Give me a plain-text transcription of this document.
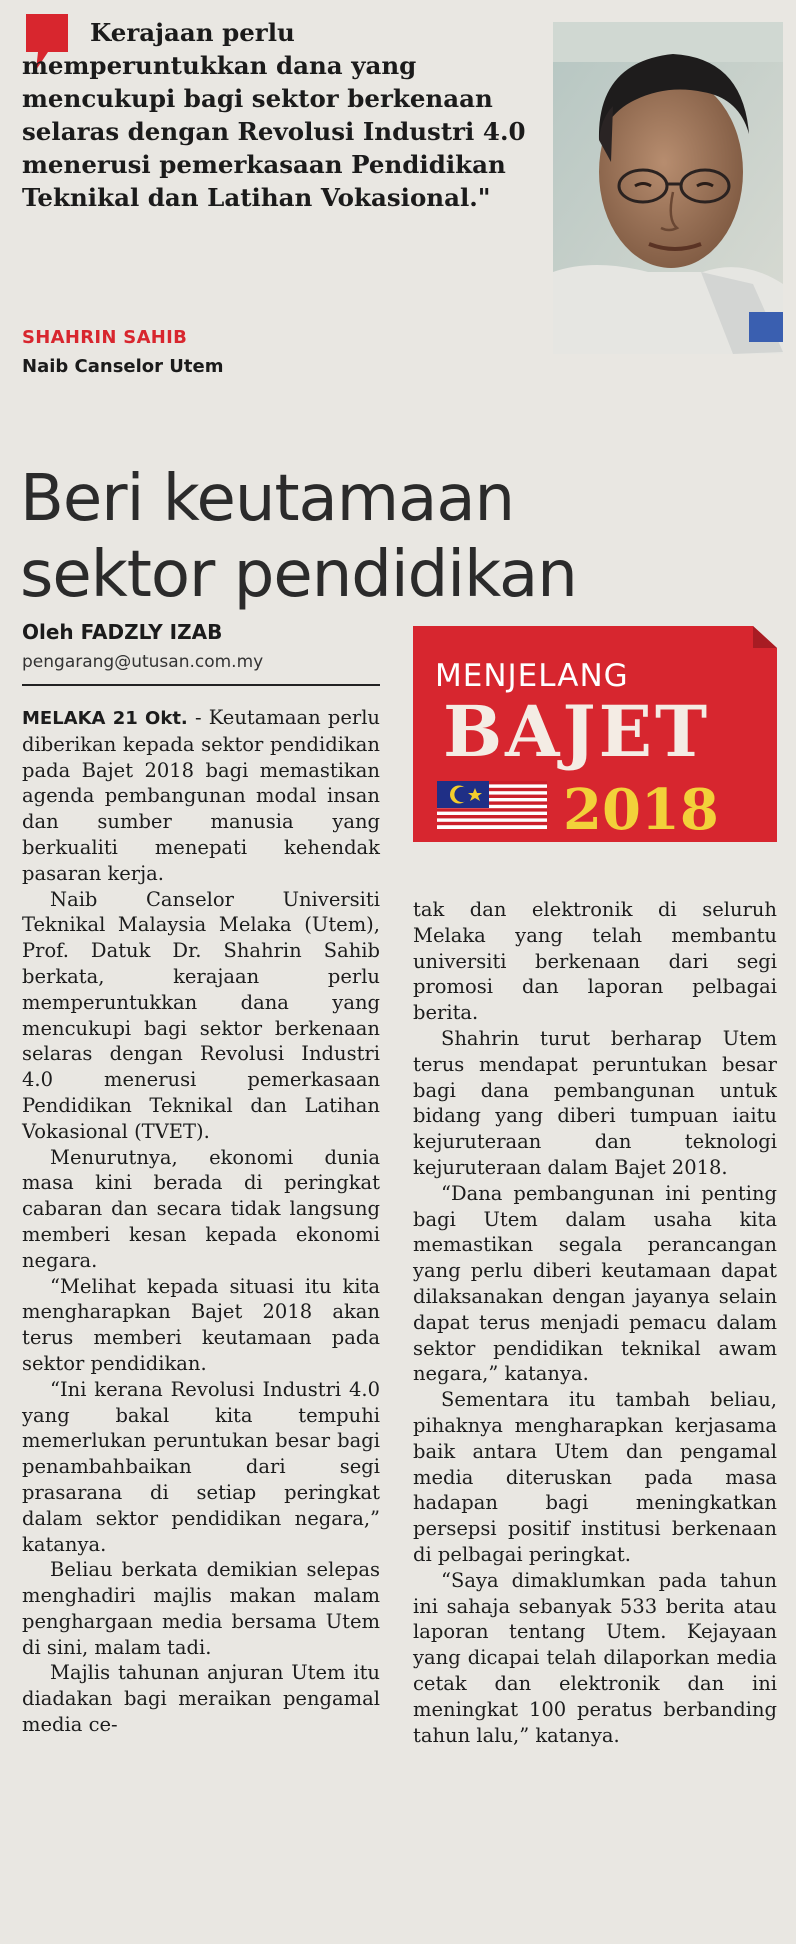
Kerajaan perlu
memperuntukkan dana yang mencukupi bagi sektor berkenaan selaras dengan Revolusi Industri 4.0 menerusi pemerkasaan Pendidikan Teknikal dan Latihan Vokasional."
SHAHRIN SAHIB
Naib Canselor Utem
Beri keutamaan sektor pendidikan
Oleh FADZLY IZAB
pengarang@utusan.com.my	MENJELANG
BAJET
2018

MELAKA 21 Okt. - Keutamaan perlu diberikan kepada sektor pendidikan pada Bajet 2018 bagi memastikan agenda pembangunan modal insan dan sumber manusia yang berkualiti menepati kehendak pasaran kerja.

Naib Canselor Universiti Teknikal Malaysia Melaka (Utem), Prof. Datuk Dr. Shahrin Sahib berkata, kerajaan perlu memperuntukkan dana yang mencukupi bagi sektor berkenaan selaras dengan Revolusi Industri 4.0 menerusi pemerkasaan Pendidikan Teknikal dan Latihan Vokasional (TVET).

Menurutnya, ekonomi dunia masa kini berada di peringkat cabaran dan secara tidak langsung memberi kesan kepada ekonomi negara.

“Melihat kepada situasi itu kita mengharapkan Bajet 2018 akan terus memberi keutamaan pada sektor pendidikan.

“Ini kerana Revolusi Industri 4.0 yang bakal kita tempuhi memerlukan peruntukan besar bagi penambahbaikan dari segi prasarana di setiap peringkat dalam sektor pendidikan negara,” katanya.

Beliau berkata demikian selepas menghadiri majlis makan malam penghargaan media bersama Utem di sini, malam tadi.

Majlis tahunan anjuran Utem itu diadakan bagi meraikan pengamal media ce-

tak dan elektronik di seluruh Melaka yang telah membantu universiti berkenaan dari segi promosi dan laporan pelbagai berita.

Shahrin turut berharap Utem terus mendapat peruntukan besar bagi dana pembangunan untuk bidang yang diberi tumpuan iaitu kejuruteraan dan teknologi kejuruteraan dalam Bajet 2018.

“Dana pembangunan ini penting bagi Utem dalam usaha kita memastikan segala perancangan yang perlu diberi keutamaan dapat dilaksanakan dengan jayanya selain dapat terus menjadi pemacu dalam sektor pendidikan teknikal awam negara,” katanya.

Sementara itu tambah beliau, pihaknya mengharapkan kerjasama baik antara Utem dan pengamal media diteruskan pada masa hadapan bagi meningkatkan persepsi positif institusi berkenaan di pelbagai peringkat.

“Saya dimaklumkan pada tahun ini sahaja sebanyak 533 berita atau laporan tentang Utem. Kejayaan yang dicapai telah dilaporkan media cetak dan elektronik dan ini meningkat 100 peratus berbanding tahun lalu,” katanya.
